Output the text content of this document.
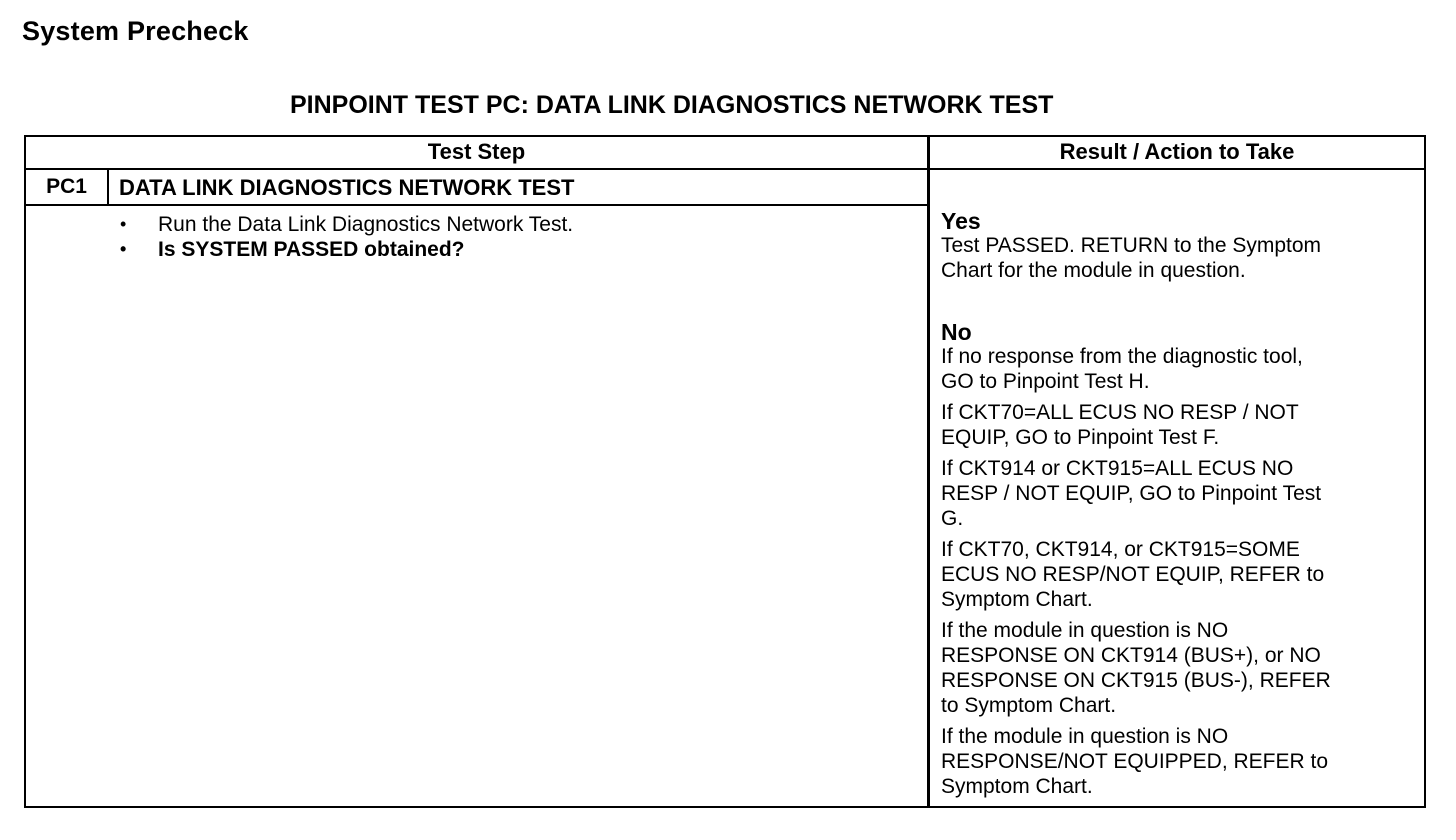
System Precheck
PINPOINT TEST PC: DATA LINK DIAGNOSTICS NETWORK TEST
Test Step	Result / Action to Take
PC1	DATA LINK DIAGNOSTICS NETWORK TEST
• Run the Data Link Diagnostics Network Test.
• Is SYSTEM PASSED obtained?
Yes
Test PASSED. RETURN to the Symptom
Chart for the module in question.
No
If no response from the diagnostic tool,
GO to Pinpoint Test H.
If CKT70=ALL ECUS NO RESP / NOT
EQUIP, GO to Pinpoint Test F.
If CKT914 or CKT915=ALL ECUS NO
RESP / NOT EQUIP, GO to Pinpoint Test
G.
If CKT70, CKT914, or CKT915=SOME
ECUS NO RESP/NOT EQUIP, REFER to
Symptom Chart.
If the module in question is NO
RESPONSE ON CKT914 (BUS+), or NO
RESPONSE ON CKT915 (BUS-), REFER
to Symptom Chart.
If the module in question is NO
RESPONSE/NOT EQUIPPED, REFER to
Symptom Chart.
